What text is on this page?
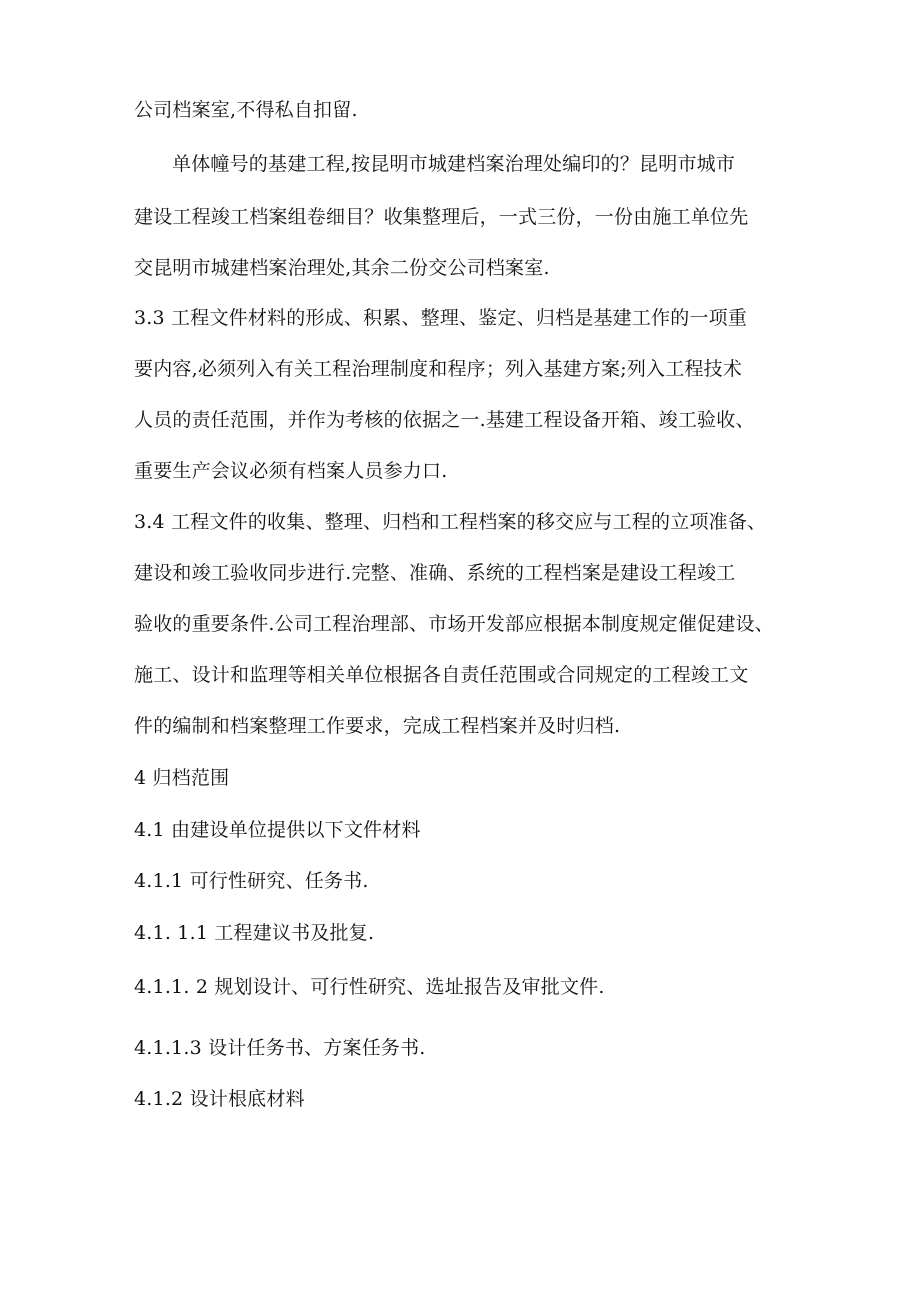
公司档案室,不得私自扣留.
单体幢号的基建工程,按昆明市城建档案治理处编印的？昆明市城市
建设工程竣工档案组卷细目？收集整理后，一式三份，一份由施工单位先
交昆明市城建档案治理处,其余二份交公司档案室.
3.3 工程文件材料的形成、积累、整理、鉴定、归档是基建工作的一项重
要内容,必须列入有关工程治理制度和程序；列入基建方案;列入工程技术
人员的责任范围，并作为考核的依据之一.基建工程设备开箱、竣工验收、
重要生产会议必须有档案人员参力口.
3.4 工程文件的收集、整理、归档和工程档案的移交应与工程的立项准备、
建设和竣工验收同步进行.完整、准确、系统的工程档案是建设工程竣工
验收的重要条件.公司工程治理部、市场开发部应根据本制度规定催促建设、
施工、设计和监理等相关单位根据各自责任范围或合同规定的工程竣工文
件的编制和档案整理工作要求，完成工程档案并及时归档.
4 归档范围
4.1 由建设单位提供以下文件材料
4.1.1 可行性研究、任务书.
4.1. 1.1 工程建议书及批复.
4.1.1. 2 规划设计、可行性研究、选址报告及审批文件.
4.1.1.3 设计任务书、方案任务书.
4.1.2 设计根底材料
